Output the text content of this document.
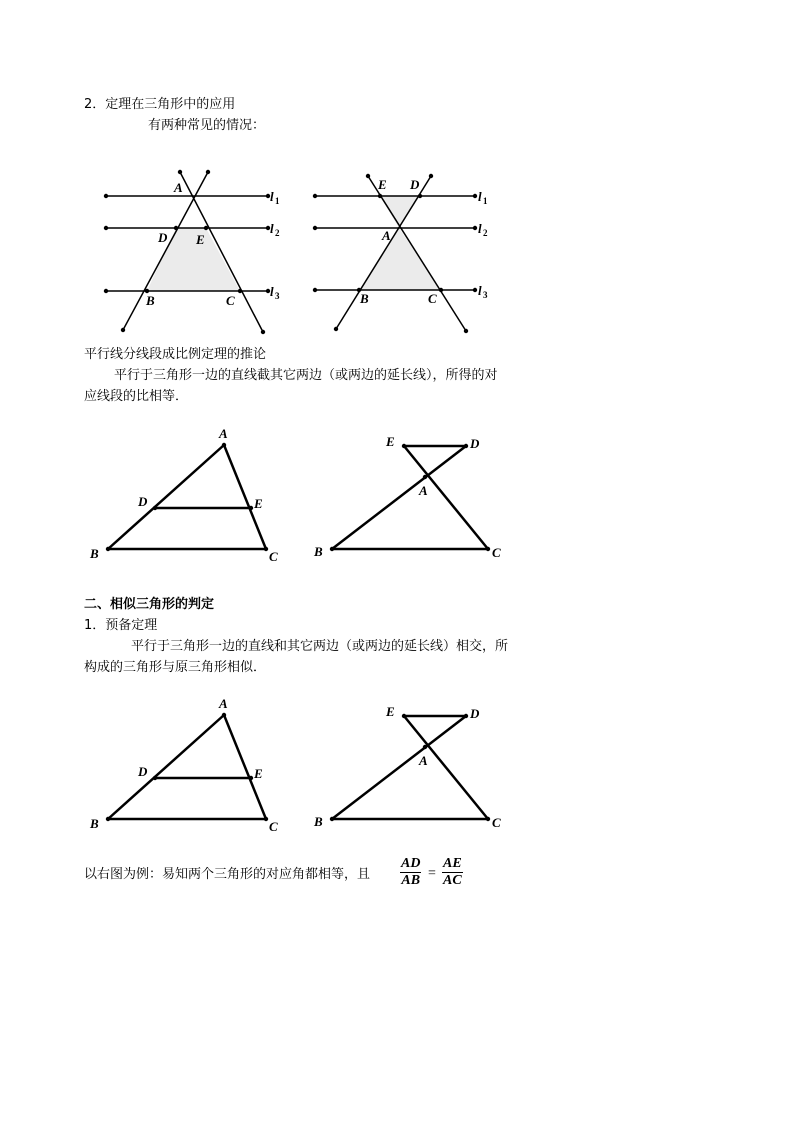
2．定理在三角形中的应用
有两种常见的情况：
A
D E
B	C
l 1
l 2
l 3
E D
A
B	C
l 1
l 2
l 3
平行线分线段成比例定理的推论
平行于三角形一边的直线截其它两边（或两边的延长线），所得的对
应线段的比相等．
A
D	E
B	C
E	D
A
B	C
二、相似三角形的判定
1．预备定理
平行于三角形一边的直线和其它两边（或两边的延长线）相交，所
构成的三角形与原三角形相似．
A
D	E
B	C
E	D
A
B	C
以右图为例：易知两个三角形的对应角都相等，且 $\frac{AD}{AB} = \frac{AE}{AC}$
